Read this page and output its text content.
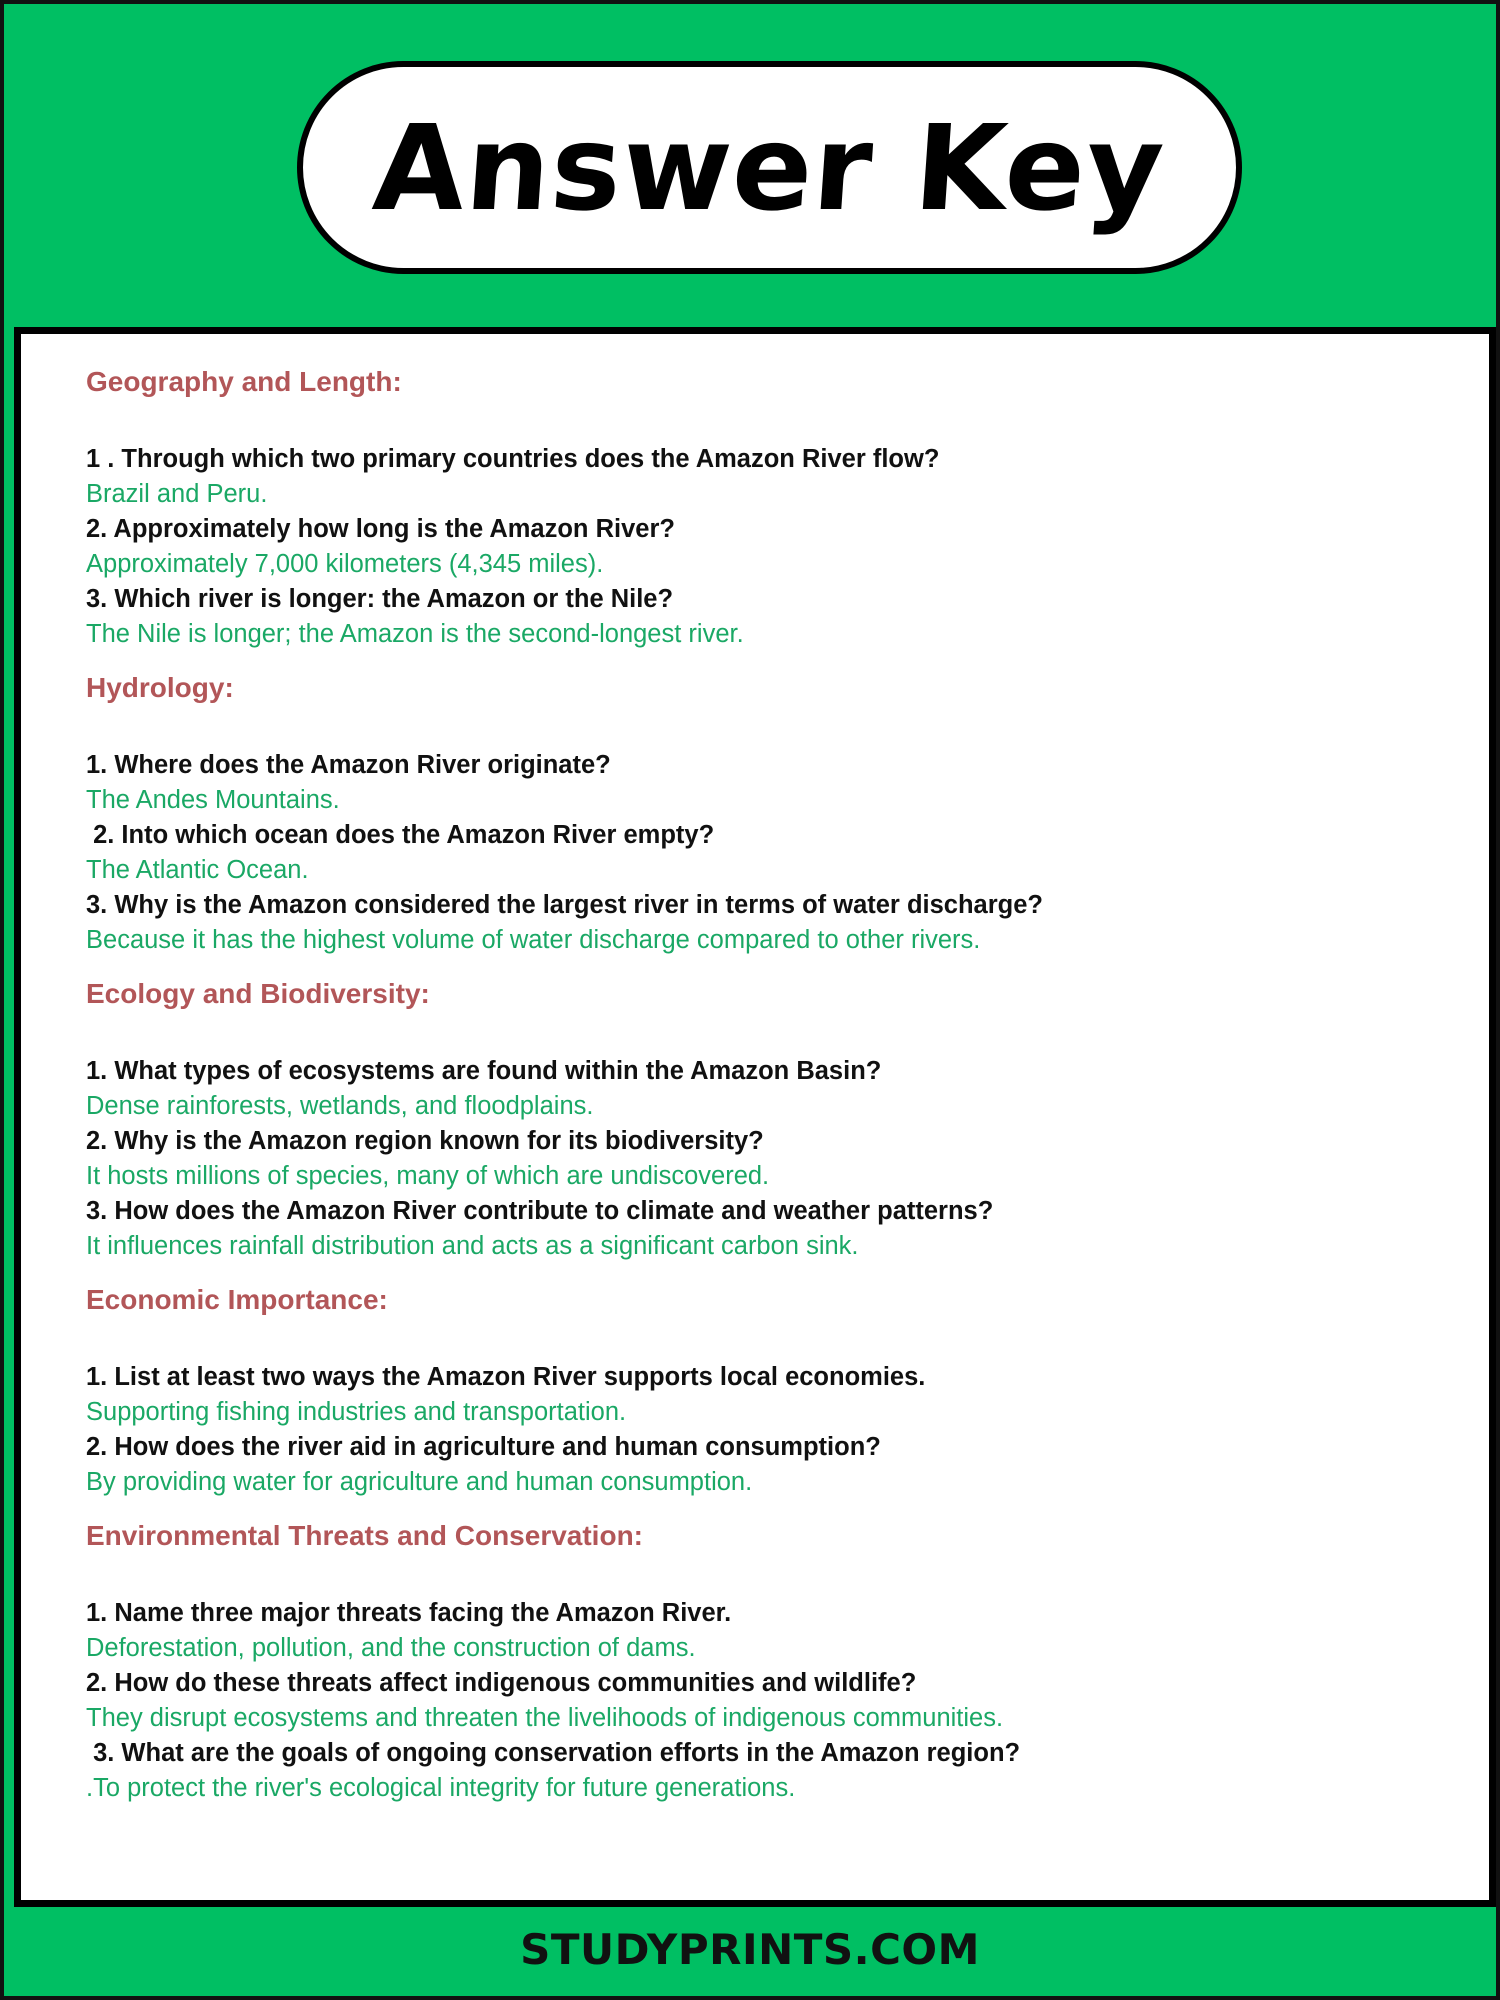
Answer Key
Geography and Length:
1 . Through which two primary countries does the Amazon River flow?
Brazil and Peru.
2. Approximately how long is the Amazon River?
Approximately 7,000 kilometers (4,345 miles).
3. Which river is longer: the Amazon or the Nile?
The Nile is longer; the Amazon is the second-longest river.
Hydrology:
1. Where does the Amazon River originate?
The Andes Mountains.
2. Into which ocean does the Amazon River empty?
The Atlantic Ocean.
3. Why is the Amazon considered the largest river in terms of water discharge?
Because it has the highest volume of water discharge compared to other rivers.
Ecology and Biodiversity:
1. What types of ecosystems are found within the Amazon Basin?
Dense rainforests, wetlands, and floodplains.
2. Why is the Amazon region known for its biodiversity?
It hosts millions of species, many of which are undiscovered.
3. How does the Amazon River contribute to climate and weather patterns?
It influences rainfall distribution and acts as a significant carbon sink.
Economic Importance:
1. List at least two ways the Amazon River supports local economies.
Supporting fishing industries and transportation.
2. How does the river aid in agriculture and human consumption?
By providing water for agriculture and human consumption.
Environmental Threats and Conservation:
1. Name three major threats facing the Amazon River.
Deforestation, pollution, and the construction of dams.
2. How do these threats affect indigenous communities and wildlife?
They disrupt ecosystems and threaten the livelihoods of indigenous communities.
3. What are the goals of ongoing conservation efforts in the Amazon region?
.To protect the river's ecological integrity for future generations.
STUDYPRINTS.COM
